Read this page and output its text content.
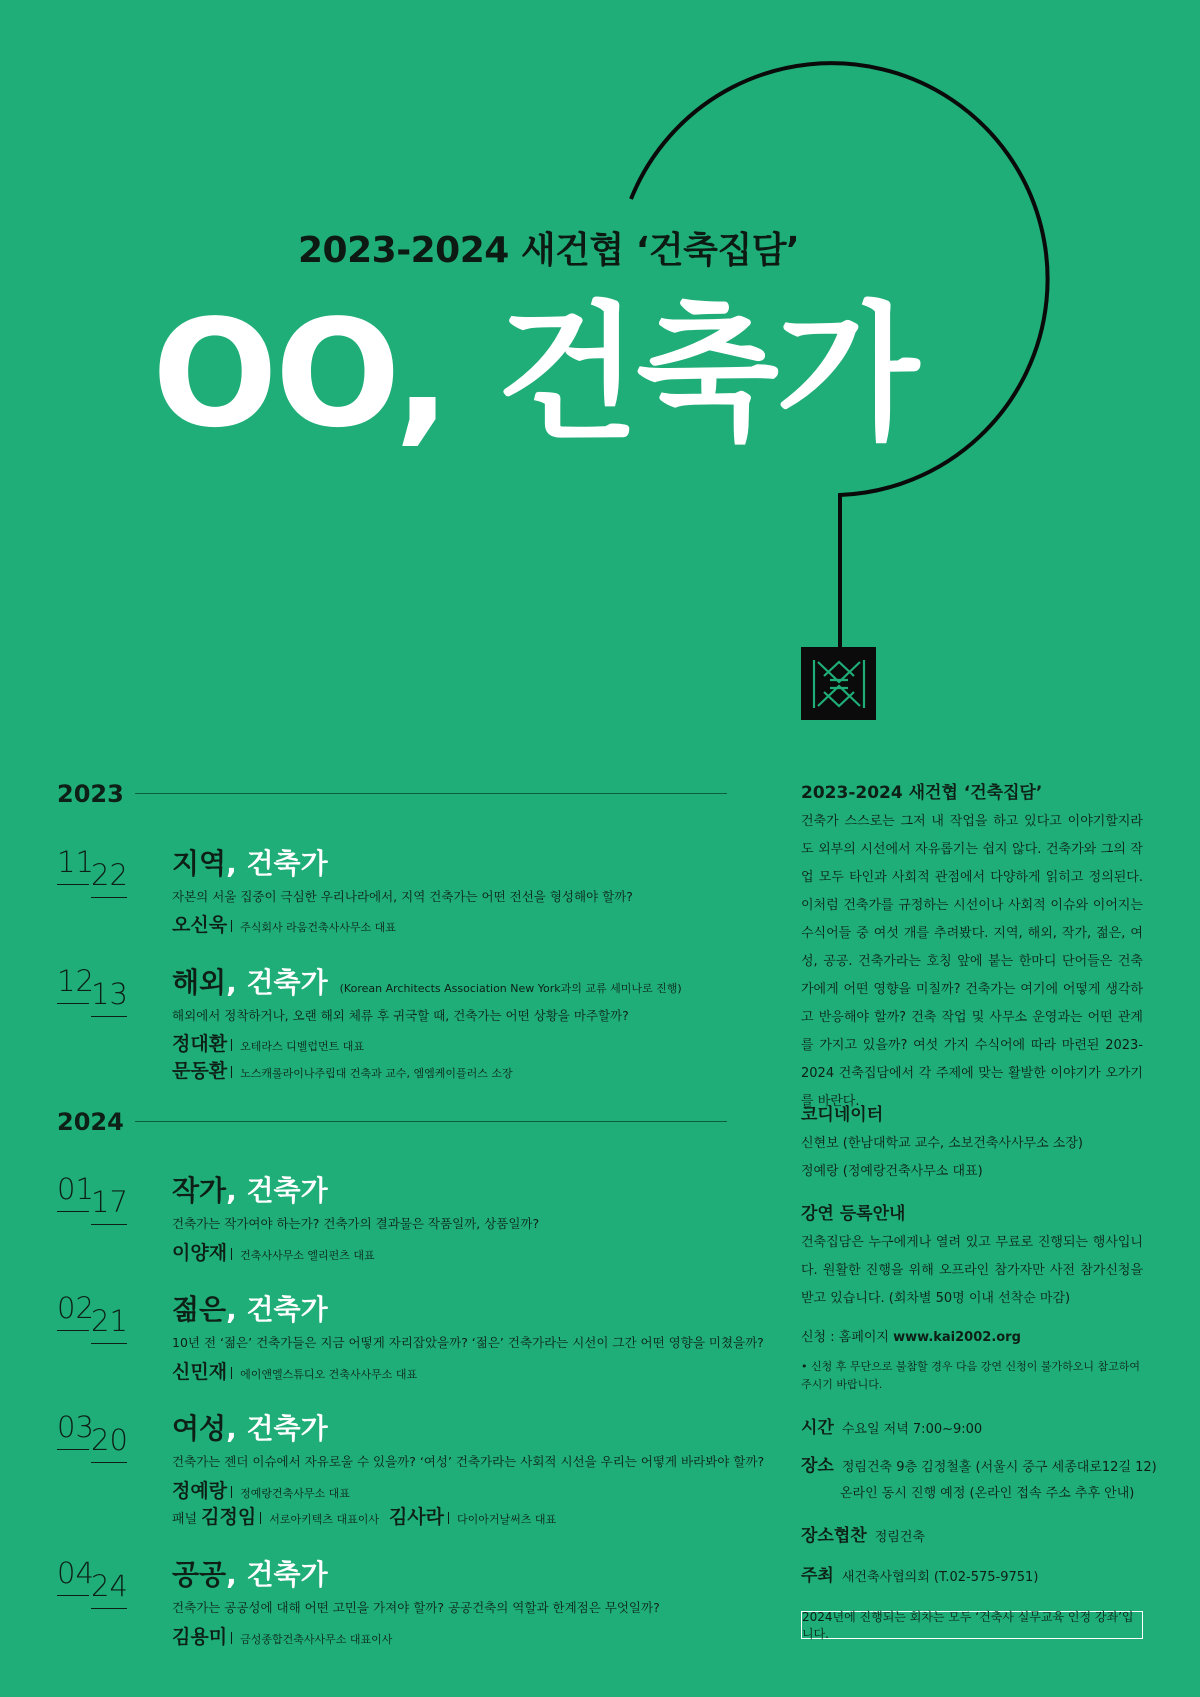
2023-2024 새건협 ‘건축집담’
OO, 건축가
2023
11
22 지역, 건축가
자본의 서울 집중이 극심한 우리나라에서, 지역 건축가는 어떤 전선을 형성해야 할까?
오신욱 주식회사 라움건축사사무소 대표
12
13 해외, 건축가 (Korean Architects Association New York과의 교류 세미나로 진행)
해외에서 정착하거나, 오랜 해외 체류 후 귀국할 때, 건축가는 어떤 상황을 마주할까?
정대환 오테라스 디벨럽먼트 대표
문동환 노스캐롤라이나주립대 건축과 교수, 엠엠케이플러스 소장
2024
01
17 작가, 건축가
건축가는 작가여야 하는가? 건축가의 결과물은 작품일까, 상품일까?
이양재 건축사사무소 엘리펀츠 대표
02
21 젊은, 건축가
10년 전 ‘젊은’ 건축가들은 지금 어떻게 자리잡았을까? ‘젊은’ 건축가라는 시선이 그간 어떤 영향을 미쳤을까?
신민재 에이앤엘스튜디오 건축사사무소 대표
03
20 여성, 건축가
건축가는 젠더 이슈에서 자유로울 수 있을까? ‘여성’ 건축가라는 사회적 시선을 우리는 어떻게 바라봐야 할까?
정예랑 정예랑건축사무소 대표
패널 김정임 서로아키텍츠 대표이사 김사라 다이아거날써츠 대표
04
24 공공, 건축가
건축가는 공공성에 대해 어떤 고민을 가져야 할까? 공공건축의 역할과 한계점은 무엇일까?
김용미 금성종합건축사사무소 대표이사
2023-2024 새건협 ‘건축집담’
건축가 스스로는 그저 내 작업을 하고 있다고 이야기할지라도 외부의 시선에서 자유롭기는 쉽지 않다. 건축가와 그의 작업 모두 타인과 사회적 관점에서 다양하게 읽히고 정의된다. 이처럼 건축가를 규정하는 시선이나 사회적 이슈와 이어지는 수식어들 중 여섯 개를 추려봤다. 지역, 해외, 작가, 젊은, 여성, 공공. 건축가라는 호칭 앞에 붙는 한마디 단어들은 건축가에게 어떤 영향을 미칠까? 건축가는 여기에 어떻게 생각하고 반응해야 할까? 건축 작업 및 사무소 운영과는 어떤 관계를 가지고 있을까? 여섯 가지 수식어에 따라 마련된 2023-2024 건축집담에서 각 주제에 맞는 활발한 이야기가 오가기를 바란다.
코디네이터
신현보 (한남대학교 교수, 소보건축사사무소 소장)
정예랑 (정예랑건축사무소 대표)
강연 등록안내
건축집담은 누구에게나 열려 있고 무료로 진행되는 행사입니다. 원활한 진행을 위해 오프라인 참가자만 사전 참가신청을 받고 있습니다. (회차별 50명 이내 선착순 마감)
신청 : 홈페이지 www.kai2002.org
• 신청 후 무단으로 불참할 경우 다음 강연 신청이 불가하오니 참고하여 주시기 바랍니다.
시간 수요일 저녁 7:00~9:00
장소 정림건축 9층 김정철홀 (서울시 중구 세종대로12길 12)
온라인 동시 진행 예정 (온라인 접속 주소 추후 안내)
장소협찬 정림건축
주최 새건축사협의회 (T.02-575-9751)
2024년에 진행되는 회차는 모두 ‘건축사 실무교육 인정 강좌’입니다.
